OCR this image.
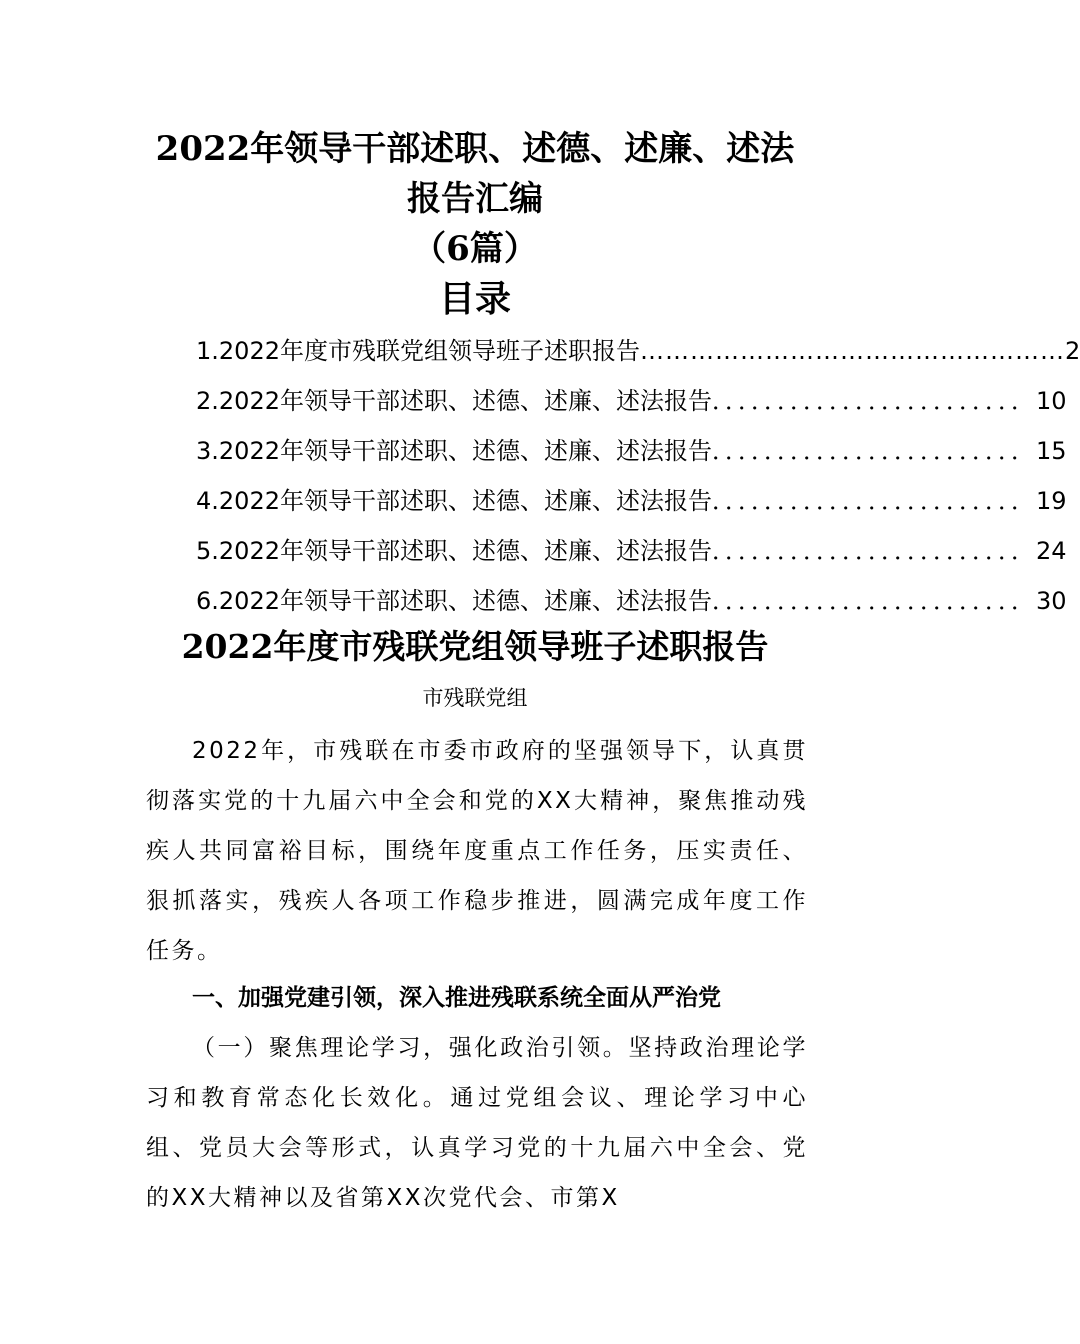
2022年领导干部述职、述德、述廉、述法
报告汇编
（6篇）
目录
1.2022年度市残联党组领导班子述职报告 …………………………………………… 2
2.2022年领导干部述职、述德、述廉、述法报告 ．．．．．．．．．．．．．．．．．．．．．．．． 10
3.2022年领导干部述职、述德、述廉、述法报告 ．．．．．．．．．．．．．．．．．．．．．．．． 15
4.2022年领导干部述职、述德、述廉、述法报告 ．．．．．．．．．．．．．．．．．．．．．．．． 19
5.2022年领导干部述职、述德、述廉、述法报告 ．．．．．．．．．．．．．．．．．．．．．．．． 24
6.2022年领导干部述职、述德、述廉、述法报告 ．．．．．．．．．．．．．．．．．．．．．．．． 30
2022年度市残联党组领导班子述职报告

市残联党组

2022年，市残联在市委市政府的坚强领导下，认真贯彻落实党的十九届六中全会和党的XX大精神，聚焦推动残疾人共同富裕目标，围绕年度重点工作任务，压实责任、狠抓落实，残疾人各项工作稳步推进，圆满完成年度工作任务。

一、加强党建引领，深入推进残联系统全面从严治党

（一）聚焦理论学习，强化政治引领。坚持政治理论学习和教育常态化长效化。通过党组会议、理论学习中心组、党员大会等形式，认真学习党的十九届六中全会、党的XX大精神以及省第XX次党代会、市第X
